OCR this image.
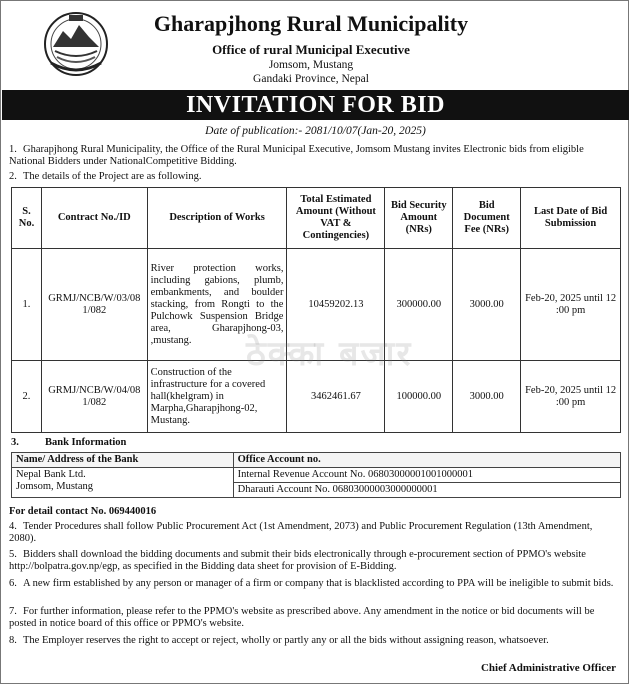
Gharapjhong Rural Municipality
Office of rural Municipal Executive
Jomsom, Mustang
Gandaki Province, Nepal
INVITATION FOR BID
Date of publication:- 2081/10/07(Jan-20, 2025)
1. Gharapjhong Rural Municipality, the Office of the Rural Municipal Executive, Jomsom Mustang invites Electronic bids from eligible National Bidders under NationalCompetitive Bidding.
2. The details of the Project are as following.
S. No.	Contract No./ID	Description of Works	Total Estimated Amount (Without VAT & Contingencies)	Bid Security Amount (NRs)	Bid Document Fee (NRs)	Last Date of Bid Submission
1.	GRMJ/NCB/W/03/081/082	River protection works, including gabions, plumb, embankments, and boulder stacking, from Rongti to the Pulchowk Suspension Bridge area, Gharapjhong-03, ,mustang.	10459202.13	300000.00	3000.00	Feb-20, 2025 until 12 :00 pm
2.	GRMJ/NCB/W/04/081/082	Construction of the infrastructure for a covered hall(khelgram) in Marpha,Gharapjhong-02, Mustang.	3462461.67	100000.00	3000.00	Feb-20, 2025 until 12 :00 pm
ठेक्का बजार
3. Bank Information
Name/ Address of the Bank	Office Account no.

Nepal Bank Ltd.
Jomsom, Mustang	Internal Revenue Account No. 06803000001001000001
	Dharauti Account No. 06803000003000000001
For detail contact No. 069440016
4. Tender Procedures shall follow Public Procurement Act (1st Amendment, 2073) and Public Procurement Regulation (13th Amendment, 2080).
5. Bidders shall download the bidding documents and submit their bids electronically through e-procurement section of PPMO's website http://bolpatra.gov.np/egp, as specified in the Bidding data sheet for provision of E-Bidding.
6. A new firm established by any person or manager of a firm or company that is blacklisted according to PPA will be ineligible to submit bids.
7. For further information, please refer to the PPMO's website as prescribed above. Any amendment in the notice or bid documents will be posted in notice board of this office or PPMO's website.
8. The Employer reserves the right to accept or reject, wholly or partly any or all the bids without assigning reason, whatsoever.
Chief Administrative Officer
